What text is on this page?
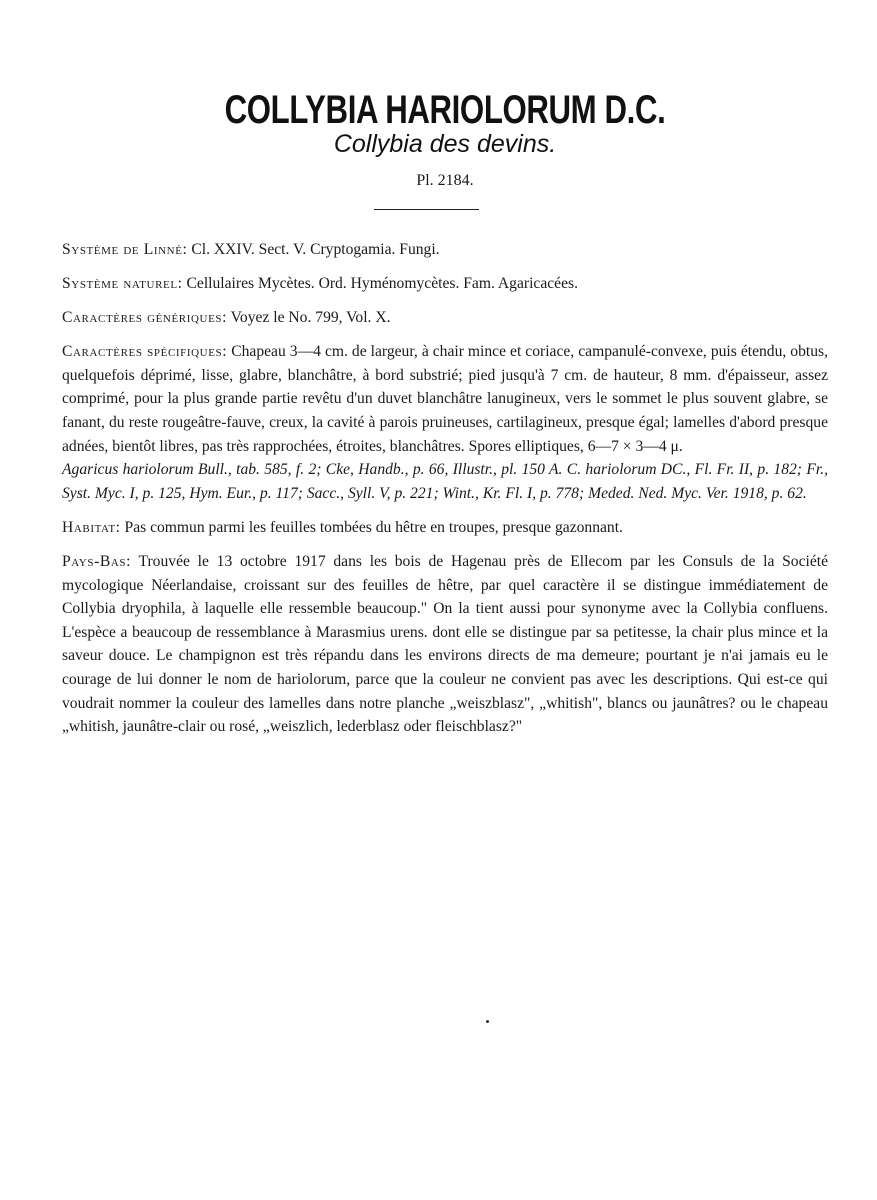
COLLYBIA HARIOLORUM D.C.
Collybia des devins.
Pl. 2184.

Système de Linné: Cl. XXIV. Sect. V. Cryptogamia. Fungi.

Système naturel: Cellulaires Mycètes. Ord. Hyménomycètes. Fam. Agaricacées.

Caractères génériques: Voyez le No. 799, Vol. X.

Caractères spécifiques: Chapeau 3—4 cm. de largeur, à chair mince et coriace, campanulé-convexe, puis étendu, obtus, quelquefois déprimé, lisse, glabre, blanchâtre, à bord substrié; pied jusqu'à 7 cm. de hauteur, 8 mm. d'épaisseur, assez comprimé, pour la plus grande partie revêtu d'un duvet blanchâtre lanugineux, vers le sommet le plus souvent glabre, se fanant, du reste rougeâtre-fauve, creux, la cavité à parois pruineuses, cartilagineux, presque égal; lamelles d'abord presque adnées, bientôt libres, pas très rapprochées, étroites, blanchâtres. Spores elliptiques, 6—7 × 3—4 μ.

Agaricus hariolorum Bull., tab. 585, f. 2; Cke, Handb., p. 66, Illustr., pl. 150 A. C. hariolorum DC., Fl. Fr. II, p. 182; Fr., Syst. Myc. I, p. 125, Hym. Eur., p. 117; Sacc., Syll. V, p. 221; Wint., Kr. Fl. I, p. 778; Meded. Ned. Myc. Ver. 1918, p. 62.

Habitat: Pas commun parmi les feuilles tombées du hêtre en troupes, presque gazonnant.

Pays-Bas: Trouvée le 13 octobre 1917 dans les bois de Hagenau près de Ellecom par les Consuls de la Société mycologique Néerlandaise, croissant sur des feuilles de hêtre, par quel caractère il se distingue immédiatement de Collybia dryophila, à laquelle elle ressemble beaucoup." On la tient aussi pour synonyme avec la Collybia confluens. L'espèce a beaucoup de ressemblance à Marasmius urens. dont elle se distingue par sa petitesse, la chair plus mince et la saveur douce. Le champignon est très répandu dans les environs directs de ma demeure; pourtant je n'ai jamais eu le courage de lui donner le nom de hariolorum, parce que la couleur ne convient pas avec les descriptions. Qui est-ce qui voudrait nommer la couleur des lamelles dans notre planche „weiszblasz", „whitish", blancs ou jaunâtres? ou le chapeau „whitish, jaunâtre-clair ou rosé, „weiszlich, lederblasz oder fleischblasz?"
